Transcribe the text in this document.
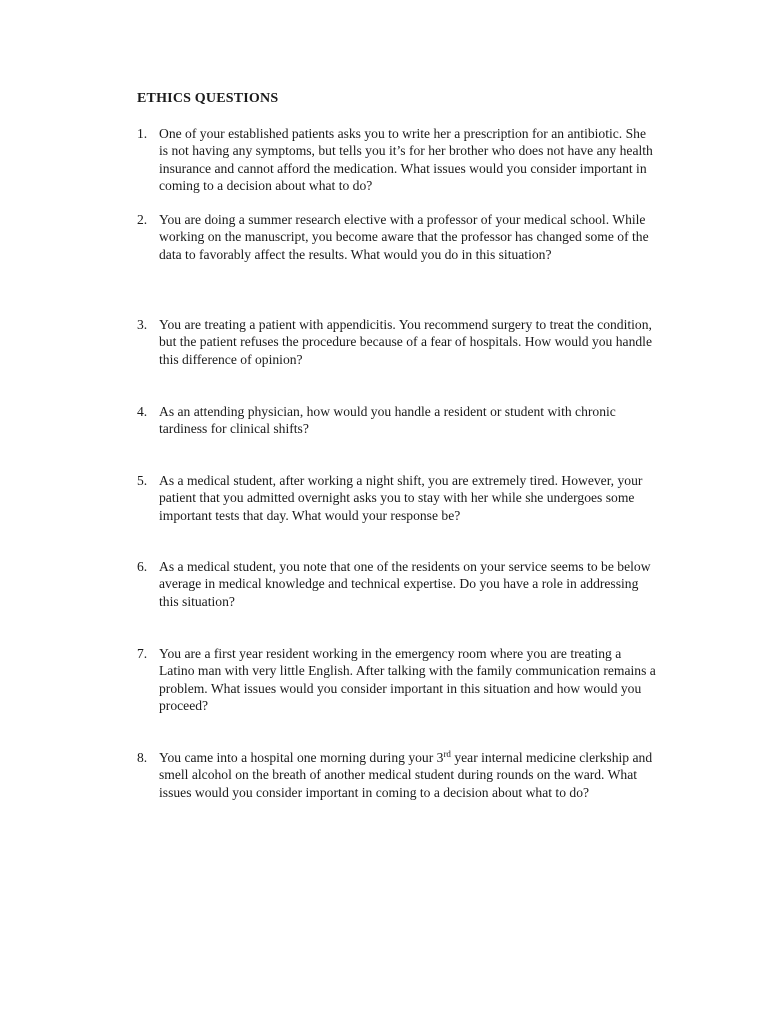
ETHICS QUESTIONS
1. One of your established patients asks you to write her a prescription for an antibiotic. She is not having any symptoms, but tells you it’s for her brother who does not have any health insurance and cannot afford the medication. What issues would you consider important in coming to a decision about what to do?
2. You are doing a summer research elective with a professor of your medical school. While working on the manuscript, you become aware that the professor has changed some of the data to favorably affect the results. What would you do in this situation?
3. You are treating a patient with appendicitis. You recommend surgery to treat the condition, but the patient refuses the procedure because of a fear of hospitals. How would you handle this difference of opinion?
4. As an attending physician, how would you handle a resident or student with chronic tardiness for clinical shifts?
5. As a medical student, after working a night shift, you are extremely tired. However, your patient that you admitted overnight asks you to stay with her while she undergoes some important tests that day. What would your response be?
6. As a medical student, you note that one of the residents on your service seems to be below average in medical knowledge and technical expertise. Do you have a role in addressing this situation?
7. You are a first year resident working in the emergency room where you are treating a Latino man with very little English. After talking with the family communication remains a problem. What issues would you consider important in this situation and how would you proceed?
8. You came into a hospital one morning during your 3rd year internal medicine clerkship and smell alcohol on the breath of another medical student during rounds on the ward. What issues would you consider important in coming to a decision about what to do?
